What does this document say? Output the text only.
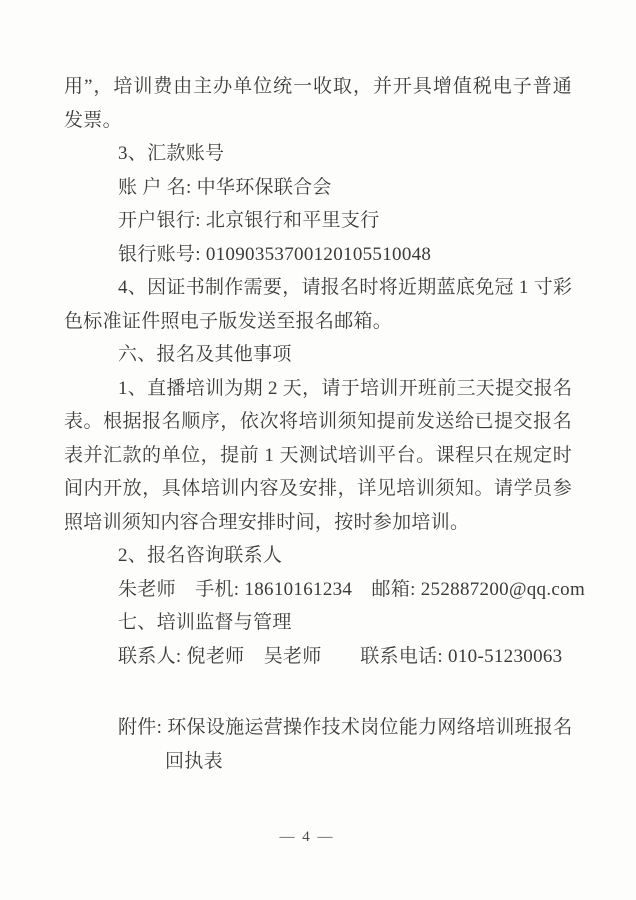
用”，培训费由主办单位统一收取，并开具增值税电子普通
发票。
3、汇款账号
账 户 名: 中华环保联合会
开户银行: 北京银行和平里支行
银行账号: 01090353700120105510048
4、因证书制作需要，请报名时将近期蓝底免冠 1 寸彩
色标准证件照电子版发送至报名邮箱。
六、报名及其他事项
1、直播培训为期 2 天，请于培训开班前三天提交报名
表。根据报名顺序，依次将培训须知提前发送给已提交报名
表并汇款的单位，提前 1 天测试培训平台。课程只在规定时
间内开放，具体培训内容及安排，详见培训须知。请学员参
照培训须知内容合理安排时间，按时参加培训。
2、报名咨询联系人
朱老师　手机: 18610161234　邮箱: 252887200@qq.com
七、培训监督与管理
联系人: 倪老师　吴老师　　联系电话: 010-51230063
附件: 环保设施运营操作技术岗位能力网络培训班报名
回执表
— 4 —
